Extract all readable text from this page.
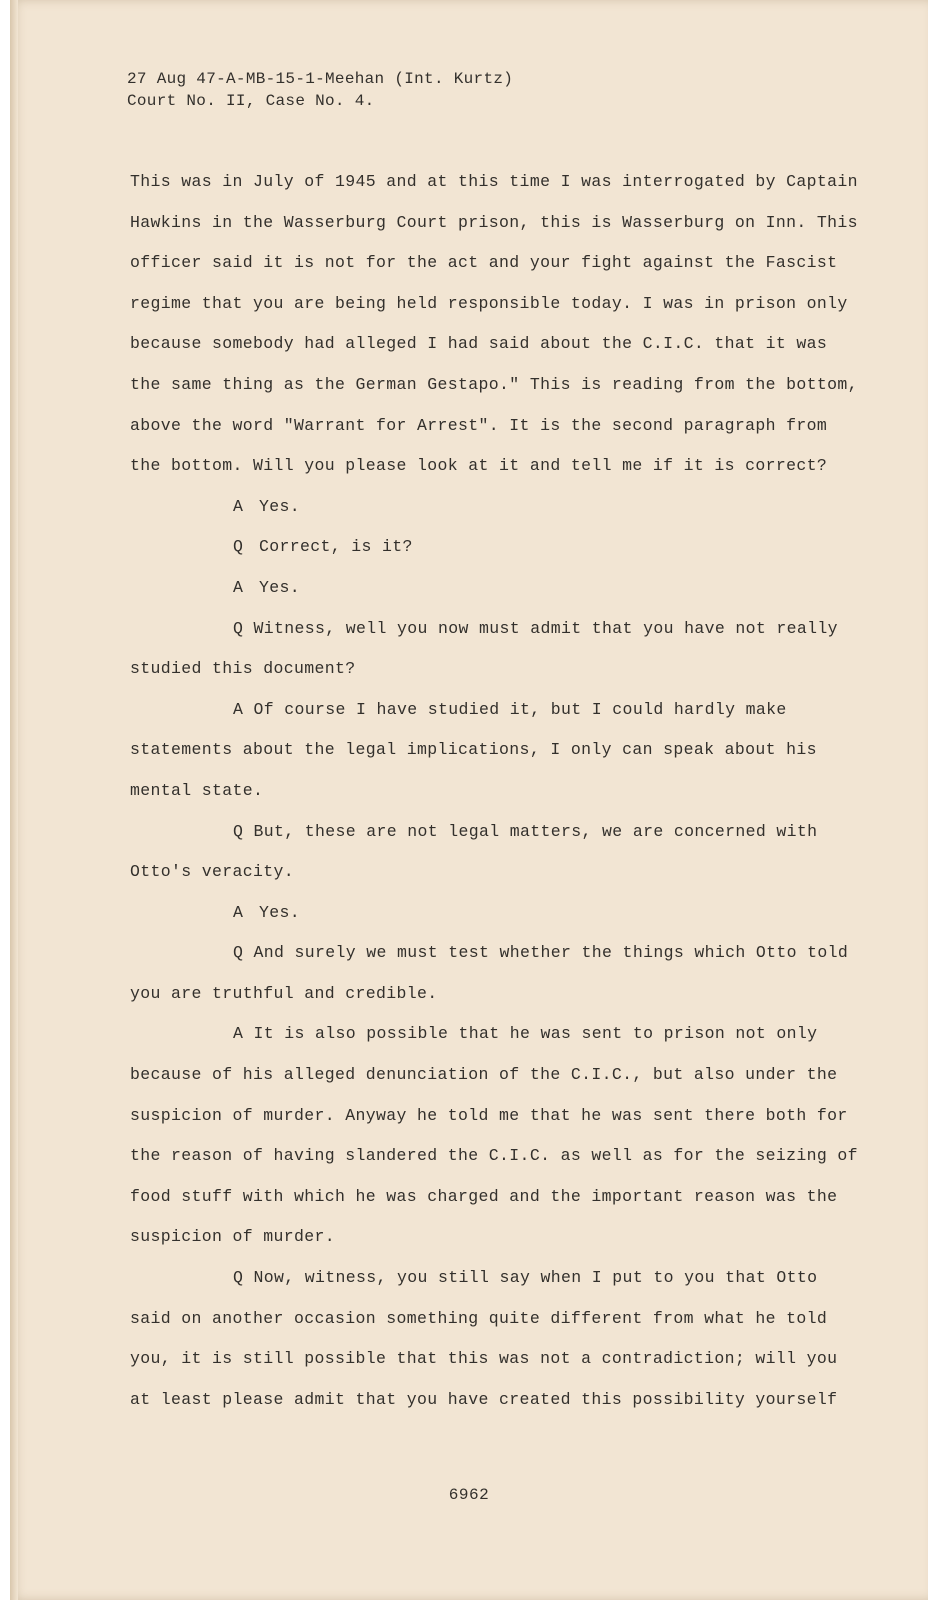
27 Aug 47-A-MB-15-1-Meehan (Int. Kurtz)
Court No. II, Case No. 4.

This was in July of 1945 and at this time I was interrogated by Captain Hawkins in the Wasserburg Court prison, this is Wasserburg on Inn. This officer said it is not for the act and your fight against the Fascist regime that you are being held responsible today. I was in prison only because somebody had alleged I had said about the C.I.C. that it was the same thing as the German Gestapo." This is reading from the bottom, above the word "Warrant for Arrest". It is the second paragraph from the bottom. Will you please look at it and tell me if it is correct?

A Yes.

Q Correct, is it?

A Yes.

Q Witness, well you now must admit that you have not really studied this document?

A Of course I have studied it, but I could hardly make statements about the legal implications, I only can speak about his mental state.

Q But, these are not legal matters, we are concerned with Otto's veracity.

A Yes.

Q And surely we must test whether the things which Otto told you are truthful and credible.

A It is also possible that he was sent to prison not only because of his alleged denunciation of the C.I.C., but also under the suspicion of murder. Anyway he told me that he was sent there both for the reason of having slandered the C.I.C. as well as for the seizing of food stuff with which he was charged and the important reason was the suspicion of murder.

Q Now, witness, you still say when I put to you that Otto said on another occasion something quite different from what he told you, it is still possible that this was not a contradiction; will you at least please admit that you have created this possibility yourself

6962
